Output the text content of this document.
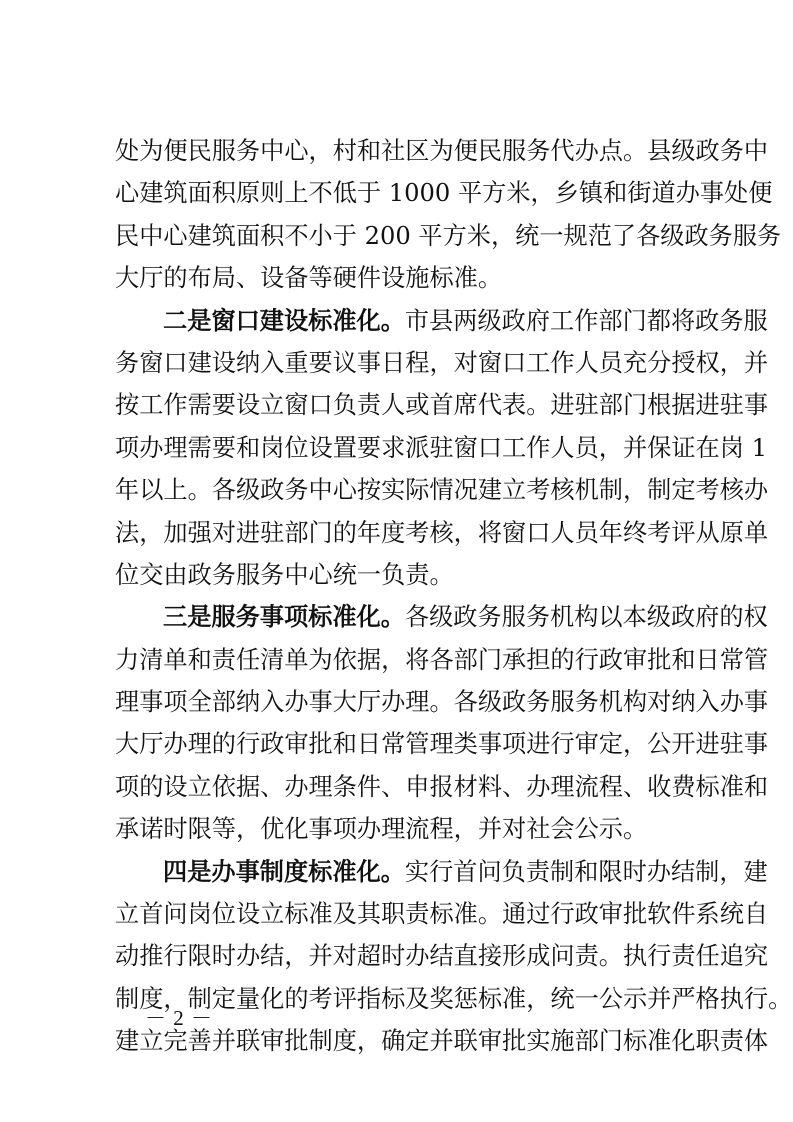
处为便民服务中心，村和社区为便民服务代办点。县级政务中
心建筑面积原则上不低于 1000 平方米，乡镇和街道办事处便
民中心建筑面积不小于 200 平方米，统一规范了各级政务服务
大厅的布局、设备等硬件设施标准。
二是窗口建设标准化。市县两级政府工作部门都将政务服
务窗口建设纳入重要议事日程，对窗口工作人员充分授权，并
按工作需要设立窗口负责人或首席代表。进驻部门根据进驻事
项办理需要和岗位设置要求派驻窗口工作人员，并保证在岗 1
年以上。各级政务中心按实际情况建立考核机制，制定考核办
法，加强对进驻部门的年度考核，将窗口人员年终考评从原单
位交由政务服务中心统一负责。
三是服务事项标准化。各级政务服务机构以本级政府的权
力清单和责任清单为依据，将各部门承担的行政审批和日常管
理事项全部纳入办事大厅办理。各级政务服务机构对纳入办事
大厅办理的行政审批和日常管理类事项进行审定，公开进驻事
项的设立依据、办理条件、申报材料、办理流程、收费标准和
承诺时限等，优化事项办理流程，并对社会公示。
四是办事制度标准化。实行首问负责制和限时办结制，建
立首问岗位设立标准及其职责标准。通过行政审批软件系统自
动推行限时办结，并对超时办结直接形成问责。执行责任追究
制度，制定量化的考评指标及奖惩标准，统一公示并严格执行。
建立完善并联审批制度，确定并联审批实施部门标准化职责体
－ 2 －
